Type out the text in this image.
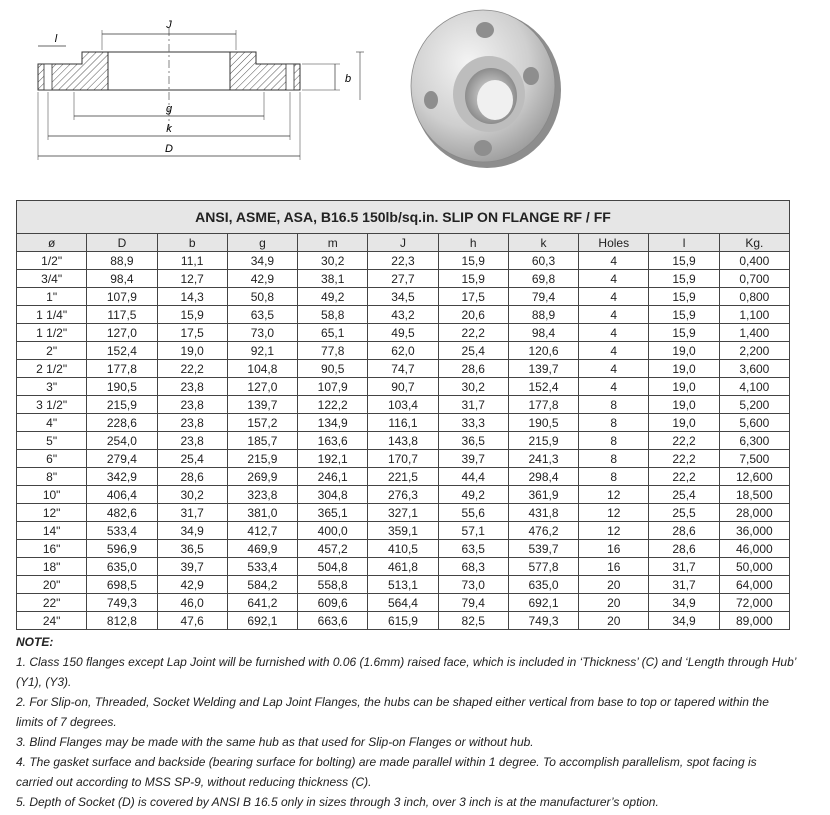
J
l
b
g
k
D
ANSI, ASME, ASA, B16.5 150lb/sq.in. SLIP ON FLANGE RF / FF										
ø	D	b	g	m	J	h	k	Holes	l	Kg.
1/2"	88,9	11,1	34,9	30,2	22,3	15,9	60,3	4	15,9	0,400
3/4"	98,4	12,7	42,9	38,1	27,7	15,9	69,8	4	15,9	0,700
1"	107,9	14,3	50,8	49,2	34,5	17,5	79,4	4	15,9	0,800
1 1/4"	117,5	15,9	63,5	58,8	43,2	20,6	88,9	4	15,9	1,100
1 1/2"	127,0	17,5	73,0	65,1	49,5	22,2	98,4	4	15,9	1,400
2"	152,4	19,0	92,1	77,8	62,0	25,4	120,6	4	19,0	2,200
2 1/2"	177,8	22,2	104,8	90,5	74,7	28,6	139,7	4	19,0	3,600
3"	190,5	23,8	127,0	107,9	90,7	30,2	152,4	4	19,0	4,100
3 1/2"	215,9	23,8	139,7	122,2	103,4	31,7	177,8	8	19,0	5,200
4"	228,6	23,8	157,2	134,9	116,1	33,3	190,5	8	19,0	5,600
5"	254,0	23,8	185,7	163,6	143,8	36,5	215,9	8	22,2	6,300
6"	279,4	25,4	215,9	192,1	170,7	39,7	241,3	8	22,2	7,500
8"	342,9	28,6	269,9	246,1	221,5	44,4	298,4	8	22,2	12,600
10"	406,4	30,2	323,8	304,8	276,3	49,2	361,9	12	25,4	18,500
12"	482,6	31,7	381,0	365,1	327,1	55,6	431,8	12	25,5	28,000
14"	533,4	34,9	412,7	400,0	359,1	57,1	476,2	12	28,6	36,000
16"	596,9	36,5	469,9	457,2	410,5	63,5	539,7	16	28,6	46,000
18"	635,0	39,7	533,4	504,8	461,8	68,3	577,8	16	31,7	50,000
20"	698,5	42,9	584,2	558,8	513,1	73,0	635,0	20	31,7	64,000
22"	749,3	46,0	641,2	609,6	564,4	79,4	692,1	20	34,9	72,000
24"	812,8	47,6	692,1	663,6	615,9	82,5	749,3	20	34,9	89,000
NOTE:

1. Class 150 flanges except Lap Joint will be furnished with 0.06 (1.6mm) raised face, which is included in ‘Thickness’ (C) and ‘Length through Hub’ (Y1), (Y3).

2. For Slip-on, Threaded, Socket Welding and Lap Joint Flanges, the hubs can be shaped either vertical from base to top or tapered within the limits of 7 degrees.

3. Blind Flanges may be made with the same hub as that used for Slip-on Flanges or without hub.

4. The gasket surface and backside (bearing surface for bolting) are made parallel within 1 degree. To accomplish parallelism, spot facing is carried out according to MSS SP-9, without reducing thickness (C).

5. Depth of Socket (D) is covered by ANSI B 16.5 only in sizes through 3 inch, over 3 inch is at the manufacturer’s option.
